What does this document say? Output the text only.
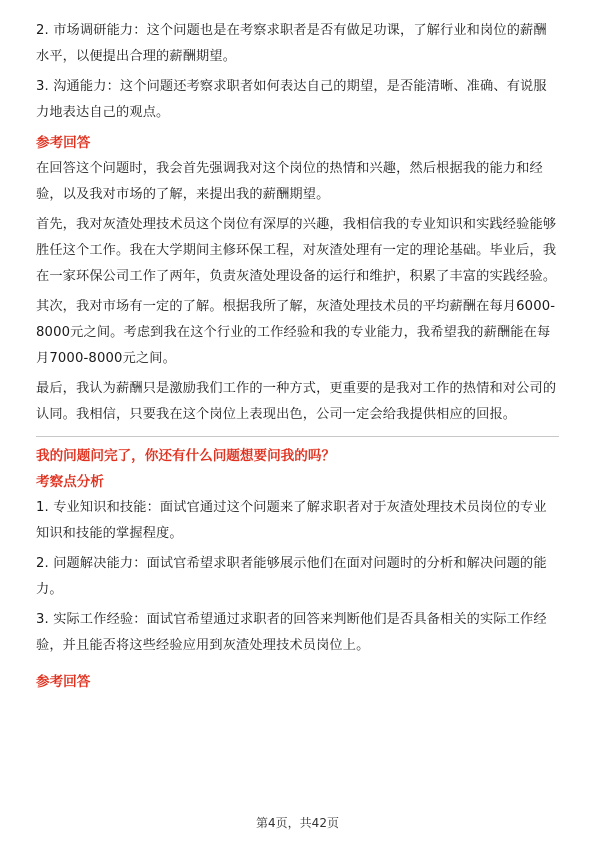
2. 市场调研能力：这个问题也是在考察求职者是否有做足功课，了解行业和岗位的薪酬水平，以便提出合理的薪酬期望。

3. 沟通能力：这个问题还考察求职者如何表达自己的期望，是否能清晰、准确、有说服力地表达自己的观点。

参考回答

在回答这个问题时，我会首先强调我对这个岗位的热情和兴趣，然后根据我的能力和经验，以及我对市场的了解，来提出我的薪酬期望。

首先，我对灰渣处理技术员这个岗位有深厚的兴趣，我相信我的专业知识和实践经验能够胜任这个工作。我在大学期间主修环保工程，对灰渣处理有一定的理论基础。毕业后，我在一家环保公司工作了两年，负责灰渣处理设备的运行和维护，积累了丰富的实践经验。

其次，我对市场有一定的了解。根据我所了解，灰渣处理技术员的平均薪酬在每月6000-8000元之间。考虑到我在这个行业的工作经验和我的专业能力，我希望我的薪酬能在每月7000-8000元之间。

最后，我认为薪酬只是激励我们工作的一种方式，更重要的是我对工作的热情和对公司的认同。我相信，只要我在这个岗位上表现出色，公司一定会给我提供相应的回报。

我的问题问完了，你还有什么问题想要问我的吗？

考察点分析

1. 专业知识和技能：面试官通过这个问题来了解求职者对于灰渣处理技术员岗位的专业知识和技能的掌握程度。

2. 问题解决能力：面试官希望求职者能够展示他们在面对问题时的分析和解决问题的能力。

3. 实际工作经验：面试官希望通过求职者的回答来判断他们是否具备相关的实际工作经验，并且能否将这些经验应用到灰渣处理技术员岗位上。

参考回答

第4页，共42页
